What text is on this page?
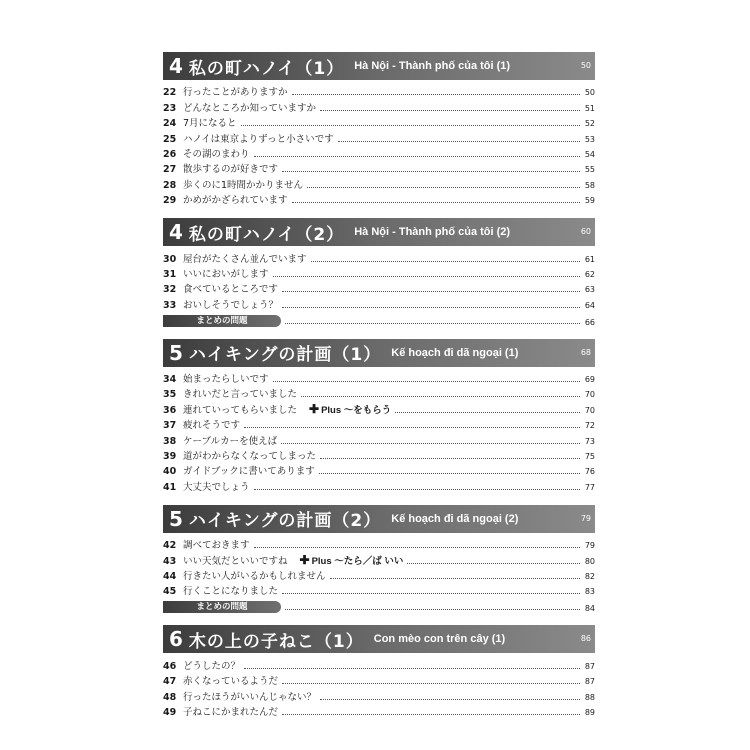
4 私の町ハノイ（1） Hà Nội - Thành phố của tôi (1)	50
22 行ったことがありますか	50
23 どんなところか知っていますか	51
24 7月になると	52
25 ハノイは東京よりずっと小さいです	53
26 その湖のまわり	54
27 散歩するのが好きです	55
28 歩くのに1時間かかりません	58
29 かめがかざられています	59
4 私の町ハノイ（2） Hà Nội - Thành phố của tôi (2)	60
30 屋台がたくさん並んでいます	61
31 いいにおいがします	62
32 食べているところです	63
33 おいしそうでしょう？	64
まとめの問題	66
5 ハイキングの計画（1） Kế hoạch đi dã ngoại (1)	68
34 始まったらしいです	69
35 きれいだと言っていました	70
36 連れていってもらいました ✚ Plus ～をもらう	70
37 疲れそうです	72
38 ケーブルカーを使えば	73
39 道がわからなくなってしまった	75
40 ガイドブックに書いてあります	76
41 大丈夫でしょう	77
5 ハイキングの計画（2） Kế hoạch đi dã ngoại (2)	79
42 調べておきます	79
43 いい天気だといいですね ✚ Plus ～たら／ば いい	80
44 行きたい人がいるかもしれません	82
45 行くことになりました	83
まとめの問題	84
6 木の上の子ねこ（1） Con mèo con trên cây (1)	86
46 どうしたの？	87
47 赤くなっているようだ	87
48 行ったほうがいいんじゃない？	88
49 子ねこにかまれたんだ	89
